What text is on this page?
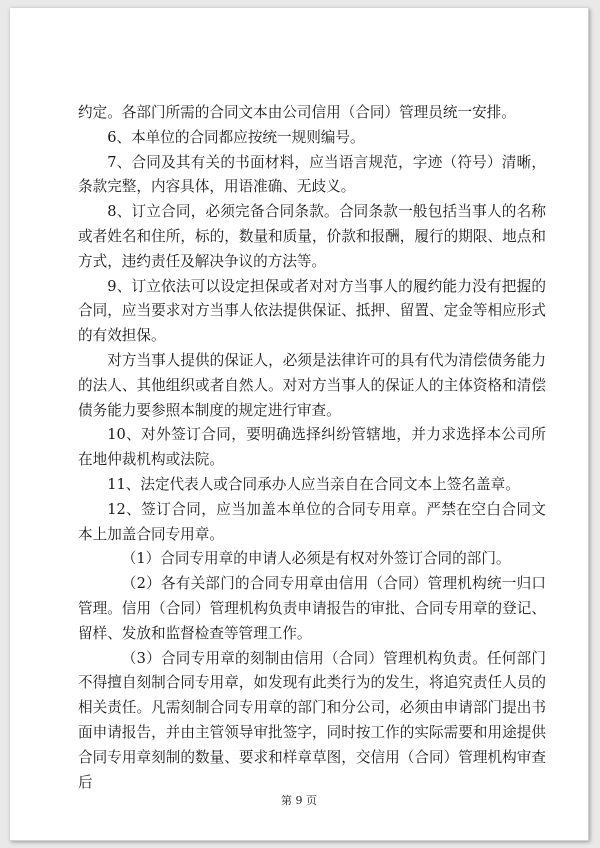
约定。各部门所需的合同文本由公司信用（合同）管理员统一安排。

6、本单位的合同都应按统一规则编号。

7、合同及其有关的书面材料，应当语言规范，字迹（符号）清晰，条款完整，内容具体，用语准确、无歧义。

8、订立合同，必须完备合同条款。合同条款一般包括当事人的名称或者姓名和住所，标的，数量和质量，价款和报酬，履行的期限、地点和方式，违约责任及解决争议的方法等。

9、订立依法可以设定担保或者对对方当事人的履约能力没有把握的合同，应当要求对方当事人依法提供保证、抵押、留置、定金等相应形式的有效担保。

对方当事人提供的保证人，必须是法律许可的具有代为清偿债务能力的法人、其他组织或者自然人。对对方当事人的保证人的主体资格和清偿债务能力要参照本制度的规定进行审查。

10、对外签订合同，要明确选择纠纷管辖地，并力求选择本公司所在地仲裁机构或法院。

11、法定代表人或合同承办人应当亲自在合同文本上签名盖章。

12、签订合同，应当加盖本单位的合同专用章。严禁在空白合同文本上加盖合同专用章。

（1）合同专用章的申请人必须是有权对外签订合同的部门。

（2）各有关部门的合同专用章由信用（合同）管理机构统一归口管理。信用（合同）管理机构负责申请报告的审批、合同专用章的登记、留样、发放和监督检查等管理工作。

（3）合同专用章的刻制由信用（合同）管理机构负责。任何部门不得擅自刻制合同专用章，如发现有此类行为的发生，将追究责任人员的相关责任。凡需刻制合同专用章的部门和分公司，必须由申请部门提出书面申请报告，并由主管领导审批签字，同时按工作的实际需要和用途提供合同专用章刻制的数量、要求和样章草图，交信用（合同）管理机构审查后

第 9 页
